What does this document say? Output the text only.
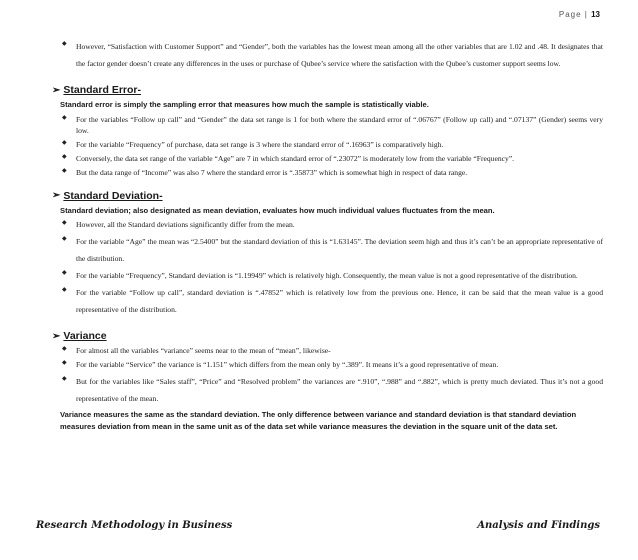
Page | 13
◆ However, “Satisfaction with Customer Support” and “Gender”, both the variables has the lowest mean among all the other variables that are 1.02 and .48. It designates that the factor gender doesn’t create any differences in the uses or purchase of Qubee’s service where the satisfaction with the Qubee’s customer support seems low.
➢ Standard Error-
Standard error is simply the sampling error that measures how much the sample is statistically viable.
◆ For the variables “Follow up call” and “Gender” the data set range is 1 for both where the standard error of “.06767” (Follow up call) and “.07137” (Gender) seems very low.
◆ For the variable “Frequency” of purchase, data set range is 3 where the standard error of “.16963” is comparatively high.
◆ Conversely, the data set range of the variable “Age” are 7 in which standard error of “.23072” is moderately low from the variable “Frequency”.
◆ But the data range of “Income” was also 7 where the standard error is “.35873” which is somewhat high in respect of data range.
➢ Standard Deviation-
Standard deviation; also designated as mean deviation, evaluates how much individual values fluctuates from the mean.
◆ However, all the Standard deviations significantly differ from the mean.
◆ For the variable “Age” the mean was “2.5400” but the standard deviation of this is “1.63145”. The deviation seem high and thus it’s can’t be an appropriate representative of the distribution.
◆ For the variable “Frequency”, Standard deviation is “1.19949” which is relatively high. Consequently, the mean value is not a good representative of the distribution.
◆ For the variable “Follow up call”, standard deviation is “.47852” which is relatively low from the previous one. Hence, it can be said that the mean value is a good representative of the distribution.
➢ Variance
◆ For almost all the variables “variance” seems near to the mean of “mean”, likewise-
◆ For the variable “Service” the variance is “1.151” which differs from the mean only by “.389”. It means it’s a good representative of mean.
◆ But for the variables like “Sales staff”, “Price” and “Resolved problem” the variances are “.910”, “.988” and “.882”, which is pretty much deviated. Thus it’s not a good representative of the mean.
Variance measures the same as the standard deviation. The only difference between variance and standard deviation is that standard deviation measures deviation from mean in the same unit as of the data set while variance measures the deviation in the square unit of the data set.
Research Methodology in Business	Analysis and Findings
